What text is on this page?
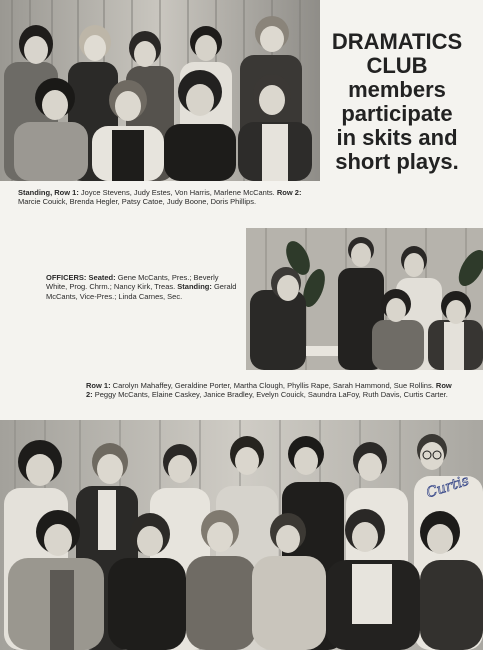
DRAMATICS
CLUB
members
participate
in skits and
short plays.
Standing, Row 1: Joyce Stevens, Judy Estes, Von Harris, Marlene McCants. Row 2: Marcie Couick, Brenda Hegler, Patsy Catoe, Judy Boone, Doris Phillips.
OFFICERS: Seated: Gene McCants, Pres.; Beverly White, Prog. Chrm.; Nancy Kirk, Treas. Standing: Gerald McCants, Vice-Pres.; Linda Carnes, Sec.
Row 1: Carolyn Mahaffey, Geraldine Porter, Martha Clough, Phyllis Rape, Sarah Hammond, Sue Rollins. Row 2: Peggy McCants, Elaine Caskey, Janice Bradley, Evelyn Couick, Saundra LaFoy, Ruth Davis, Curtis Carter.
Curtis
